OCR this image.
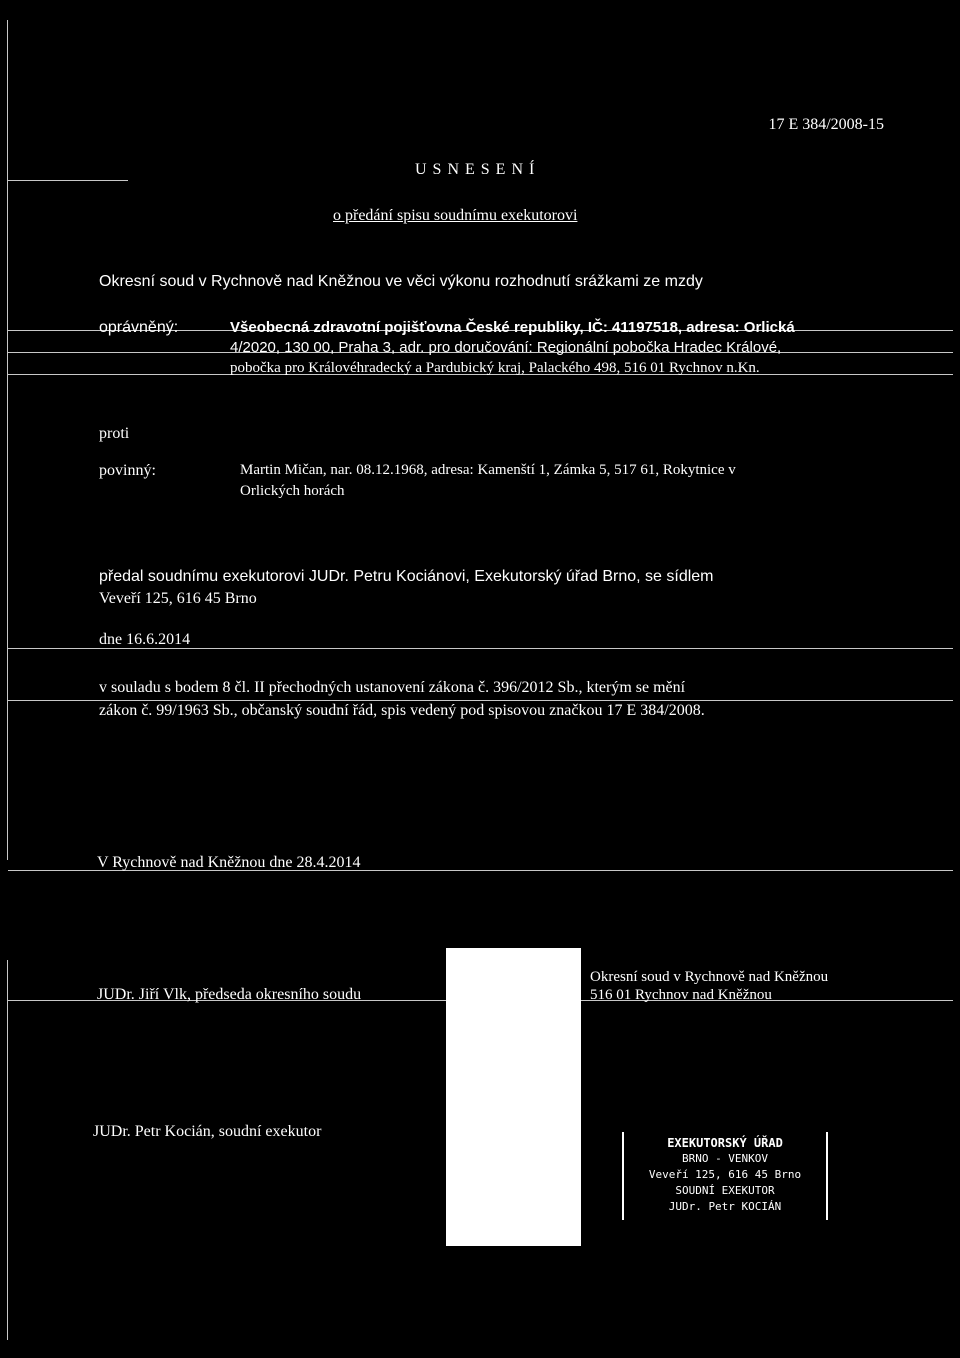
17 E 384/2008-15
U S N E S E N Í
o předání spisu soudnímu exekutorovi
Okresní soud v Rychnově nad Kněžnou ve věci výkonu rozhodnutí srážkami ze mzdy
oprávněný:	Všeobecná zdravotní pojišťovna České republiky, IČ: 41197518, adresa: Orlická
4/2020, 130 00, Praha 3, adr. pro doručování: Regionální pobočka Hradec Králové,
pobočka pro Královéhradecký a Pardubický kraj, Palackého 498, 516 01 Rychnov n.Kn.
proti
povinný:	Martin Mičan, nar. 08.12.1968, adresa: Kamenští 1, Zámka 5, 517 61, Rokytnice v
Orlických horách
předal soudnímu exekutorovi JUDr. Petru Kociánovi, Exekutorský úřad Brno, se sídlem
Veveří 125, 616 45 Brno
dne 16.6.2014
v souladu s bodem 8 čl. II přechodných ustanovení zákona č. 396/2012 Sb., kterým se mění
zákon č. 99/1963 Sb., občanský soudní řád, spis vedený pod spisovou značkou 17 E 384/2008.
V Rychnově nad Kněžnou dne 28.4.2014
JUDr. Jiří Vlk, předseda okresního soudu
JUDr. Petr Kocián, soudní exekutor
Okresní soud v Rychnově nad Kněžnou
516 01 Rychnov nad Kněžnou
EXEKUTORSKÝ ÚŘAD
BRNO - VENKOV
Veveří 125, 616 45 Brno
SOUDNÍ EXEKUTOR
JUDr. Petr KOCIÁN
